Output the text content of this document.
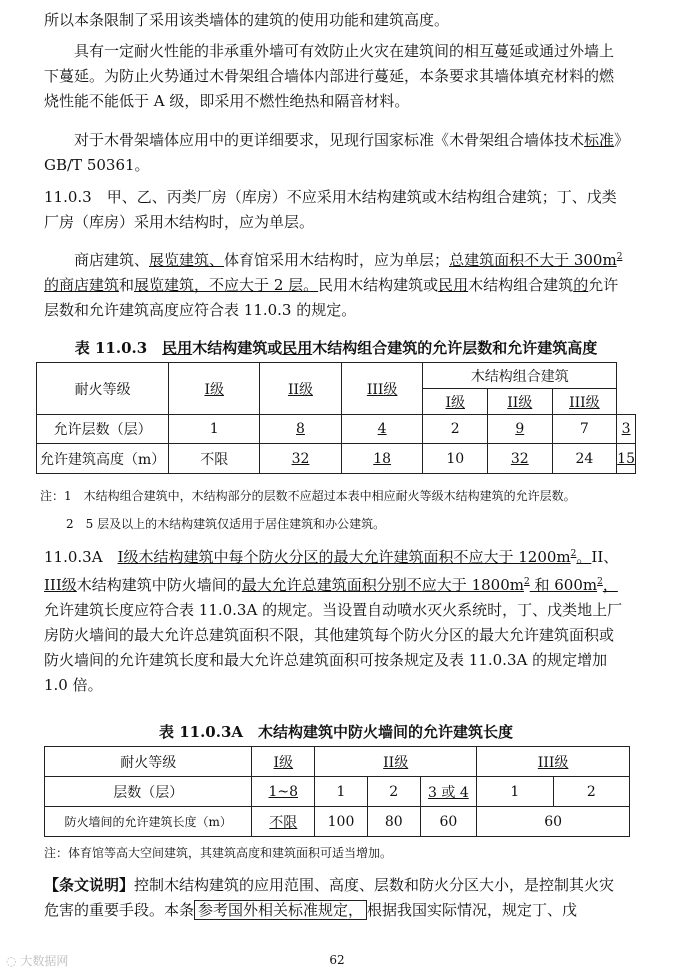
所以本条限制了采用该类墙体的建筑的使用功能和建筑高度。

具有一定耐火性能的非承重外墙可有效防止火灾在建筑间的相互蔓延或通过外墙上下蔓延。为防止火势通过木骨架组合墙体内部进行蔓延，本条要求其墙体填充材料的燃烧性能不能低于 A 级，即采用不燃性绝热和隔音材料。

对于木骨架墙体应用中的更详细要求，见现行国家标准《木骨架组合墙体技术标准》GB/T 50361。

11.0.3　甲、乙、丙类厂房（库房）不应采用木结构建筑或木结构组合建筑；丁、戊类厂房（库房）采用木结构时，应为单层。

商店建筑、展览建筑、体育馆采用木结构时，应为单层；总建筑面积不大于 $300m^2$的商店建筑和展览建筑，不应大于 2 层。民用木结构建筑或民用木结构组合建筑的允许层数和允许建筑高度应符合表 11.0.3 的规定。

表 11.0.3　民用木结构建筑或民用木结构组合建筑的允许层数和允许建筑高度
耐火等级	I级	II级	III级	木结构组合建筑			
				I级	II级	III级	
允许层数（层）	1	8	4	2	9	7	3
允许建筑高度（m）	不限	32	18	10	32	24	15
注：1　木结构组合建筑中，木结构部分的层数不应超过本表中相应耐火等级木结构建筑的允许层数。
2　5 层及以上的木结构建筑仅适用于居住建筑和办公建筑。

11.0.3A　I级木结构建筑中每个防火分区的最大允许建筑面积不应大于 $1200m^2$。II、III级木结构建筑中防火墙间的最大允许总建筑面积分别不应大于 $1800m^2$ 和 $600m^2$，允许建筑长度应符合表 11.0.3A 的规定。当设置自动喷水灭火系统时，丁、戊类地上厂房防火墙间的最大允许总建筑面积不限，其他建筑每个防火分区的最大允许建筑面积或防火墙间的允许建筑长度和最大允许总建筑面积可按条规定及表 11.0.3A 的规定增加 1.0 倍。

表 11.0.3A　木结构建筑中防火墙间的允许建筑长度
耐火等级	I级	II级			III级	
层数（层）	1~8	1	2	3 或 4	1	2
防火墙间的允许建筑长度（m）	不限	100	80	60	60	
注：体育馆等高大空间建筑，其建筑高度和建筑面积可适当增加。

【条文说明】控制木结构建筑的应用范围、高度、层数和防火分区大小，是控制其火灾危害的重要手段。本条 参考国外相关标准规定， 根据我国实际情况，规定丁、戊

◌ 大数据网	62
